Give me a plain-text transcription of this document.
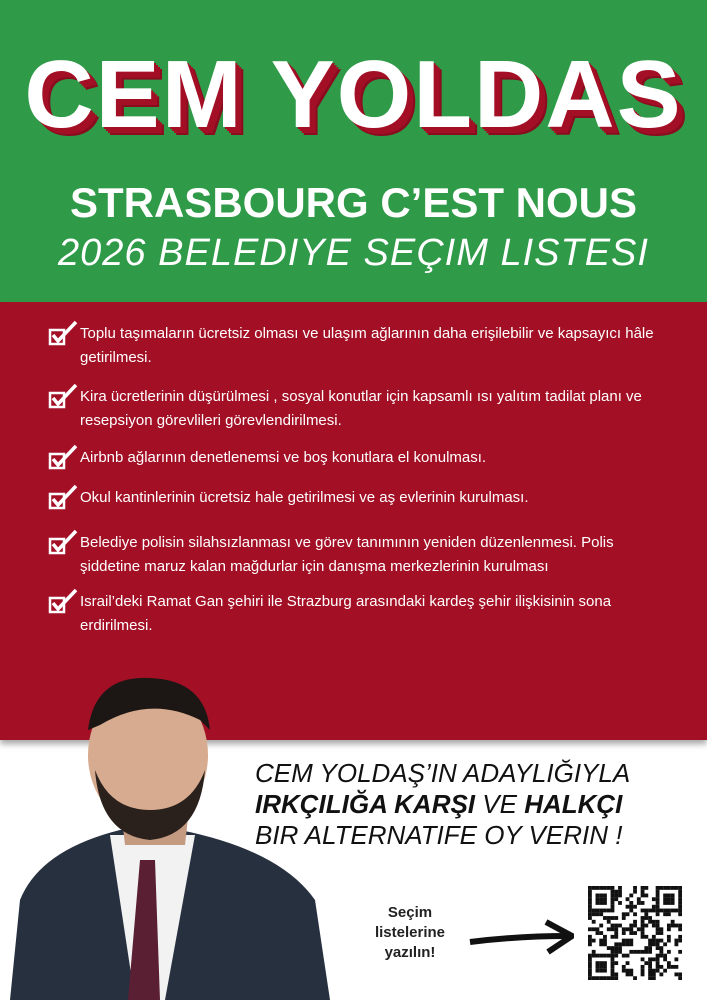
CEM YOLDAS
STRASBOURG C’EST NOUS
2026 BELEDIYE SEÇIM LISTESI
Toplu taşımaların ücretsiz olması ve ulaşım ağlarının daha erişilebilir ve kapsayıcı hâle getirilmesi.
Kira ücretlerinin düşürülmesi , sosyal konutlar için kapsamlı ısı yalıtım tadilat planı ve resepsiyon görevlileri görevlendirilmesi.
Airbnb ağlarının denetlenemsi ve boş konutlara el konulması.
Okul kantinlerinin ücretsiz hale getirilmesi ve aş evlerinin kurulması.
Belediye polisin silahsızlanması ve görev tanımının yeniden düzenlenmesi. Polis şiddetine maruz kalan mağdurlar için danışma merkezlerinin kurulması
Israil’deki Ramat Gan şehiri ile Strazburg arasındaki kardeş şehir ilişkisinin sona erdirilmesi.
CEM YOLDAŞ’IN ADAYLIĞIYLA
IRKÇILIĞA KARŞI VE HALKÇI
BIR ALTERNATIFE OY VERIN !
Seçim
listelerine
yazılın!
